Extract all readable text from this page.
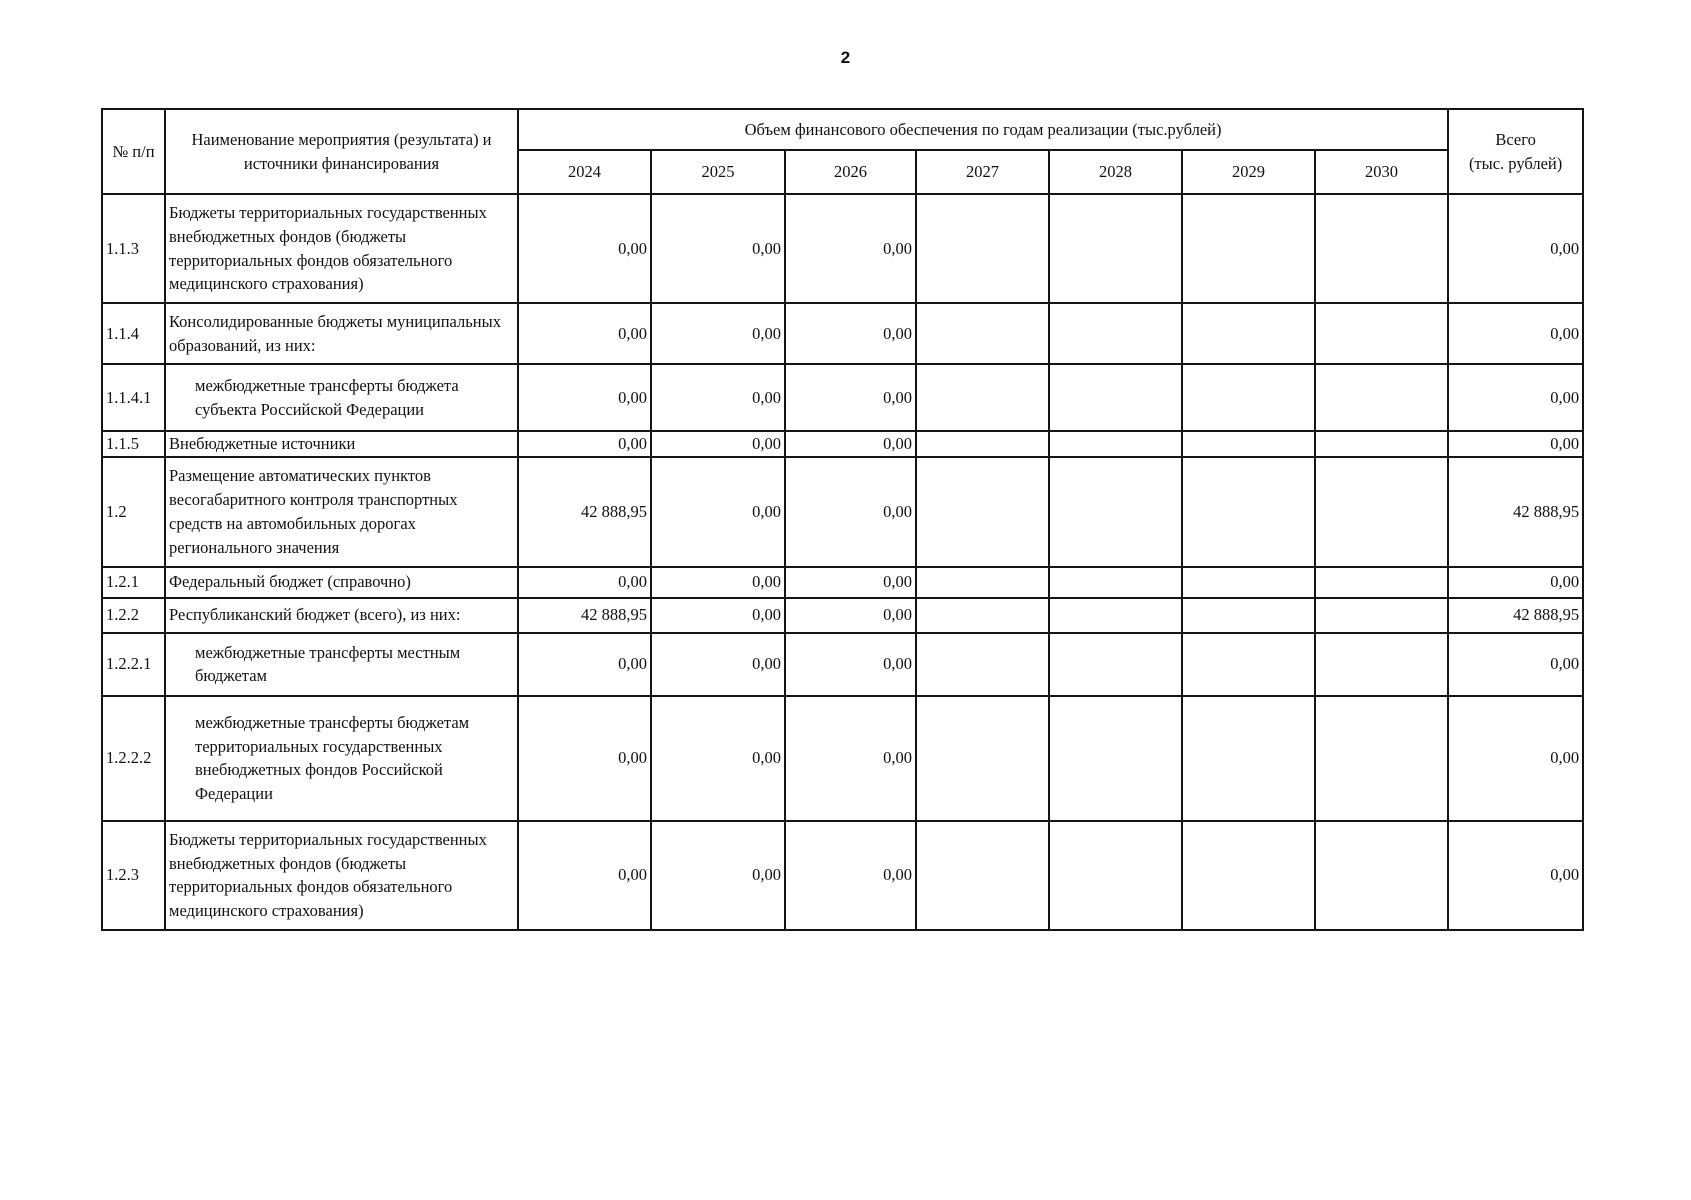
2
№ п/п	Наименование мероприятия (результата) и источники финансирования	Объем финансового обеспечения по годам реализации (тыс.рублей)							Всего
(тыс. рублей)
		2024	2025	2026	2027	2028	2029	2030	
1.1.3	Бюджеты территориальных государственных внебюджетных фондов (бюджеты территориальных фондов обязательного медицинского страхования)	0,00	0,00	0,00					0,00
1.1.4	Консолидированные бюджеты муниципальных образований, из них:	0,00	0,00	0,00					0,00
1.1.4.1	межбюджетные трансферты бюджета субъекта Российской Федерации	0,00	0,00	0,00					0,00
1.1.5	Внебюджетные источники	0,00	0,00	0,00					0,00
1.2	Размещение автоматических пунктов весогабаритного контроля транспортных средств на автомобильных дорогах регионального значения	42 888,95	0,00	0,00					42 888,95
1.2.1	Федеральный бюджет (справочно)	0,00	0,00	0,00					0,00
1.2.2	Республиканский бюджет (всего), из них:	42 888,95	0,00	0,00					42 888,95
1.2.2.1	межбюджетные трансферты местным бюджетам	0,00	0,00	0,00					0,00
1.2.2.2	межбюджетные трансферты бюджетам территориальных государственных внебюджетных фондов Российской Федерации	0,00	0,00	0,00					0,00
1.2.3	Бюджеты территориальных государственных внебюджетных фондов (бюджеты территориальных фондов обязательного медицинского страхования)	0,00	0,00	0,00					0,00
